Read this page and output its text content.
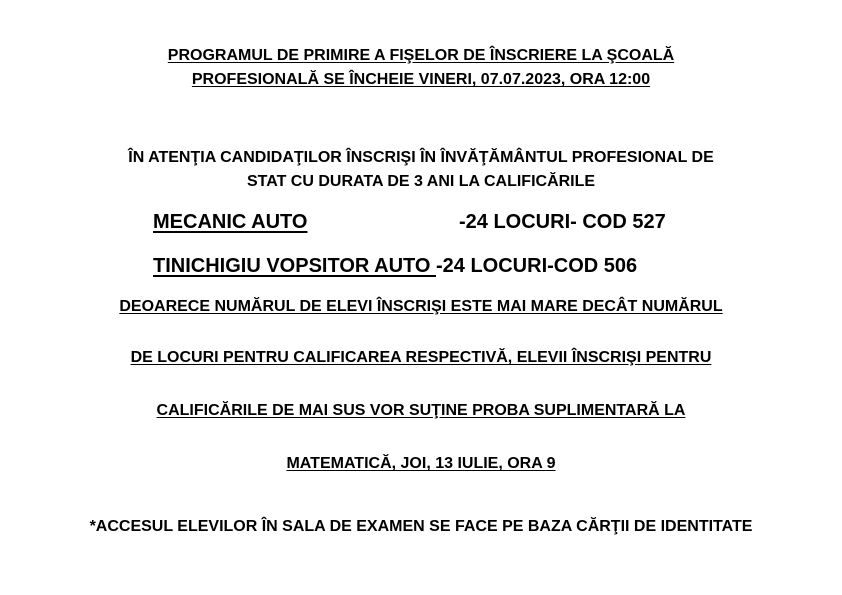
PROGRAMUL DE PRIMIRE A FIŞELOR DE ÎNSCRIERE LA ŞCOALĂ
PROFESIONALĂ SE ÎNCHEIE VINERI, 07.07.2023, ORA 12:00
ÎN ATENŢIA CANDIDAŢILOR ÎNSCRIŞI ÎN ÎNVĂŢĂMÂNTUL PROFESIONAL DE
STAT CU DURATA DE 3 ANI LA CALIFICĂRILE
MECANIC AUTO	-24 LOCURI- COD 527
TINICHIGIU VOPSITOR AUTO -24 LOCURI-COD 506
DEOARECE NUMĂRUL DE ELEVI ÎNSCRIŞI ESTE MAI MARE DECÂT NUMĂRUL
DE LOCURI PENTRU CALIFICAREA RESPECTIVĂ, ELEVII ÎNSCRIŞI PENTRU
CALIFICĂRILE DE MAI SUS VOR SUŢINE PROBA SUPLIMENTARĂ LA
MATEMATICĂ, JOI, 13 IULIE, ORA 9
*ACCESUL ELEVILOR ÎN SALA DE EXAMEN SE FACE PE BAZA CĂRŢII DE IDENTITATE
